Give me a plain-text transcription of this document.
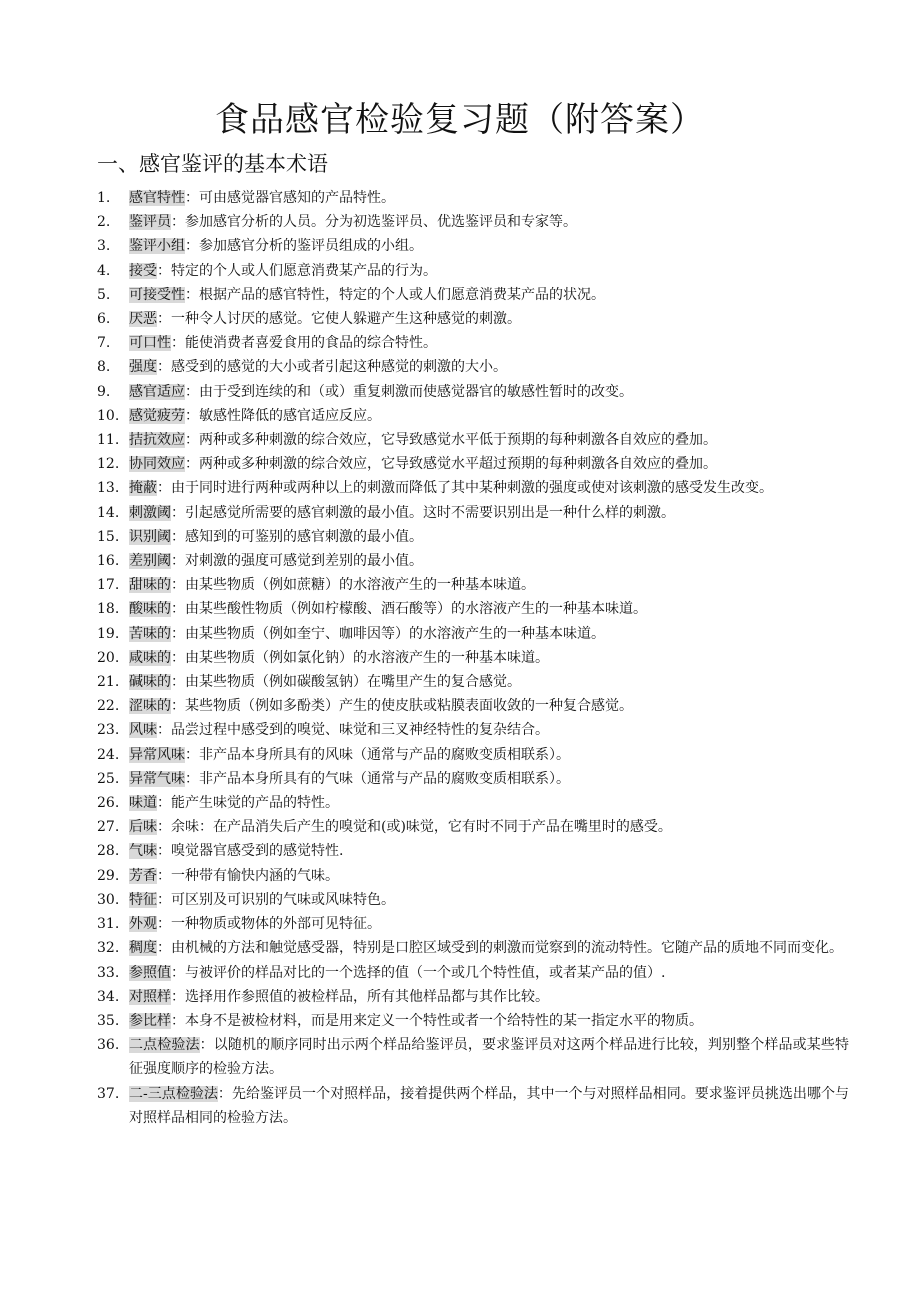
食品感官检验复习题（附答案）
一、感官鉴评的基本术语
1.	感官特性：可由感觉器官感知的产品特性。
2.	鉴评员：参加感官分析的人员。分为初选鉴评员、优选鉴评员和专家等。
3.	鉴评小组：参加感官分析的鉴评员组成的小组。
4.	接受：特定的个人或人们愿意消费某产品的行为。
5.	可接受性：根据产品的感官特性，特定的个人或人们愿意消费某产品的状况。
6.	厌恶：一种令人讨厌的感觉。它使人躲避产生这种感觉的刺激。
7.	可口性：能使消费者喜爱食用的食品的综合特性。
8.	强度：感受到的感觉的大小或者引起这种感觉的刺激的大小。
9.	感官适应：由于受到连续的和（或）重复刺激而使感觉器官的敏感性暂时的改变。
10. 感觉疲劳：敏感性降低的感官适应反应。
11. 拮抗效应：两种或多种刺激的综合效应，它导致感觉水平低于预期的每种刺激各自效应的叠加。
12. 协同效应：两种或多种刺激的综合效应，它导致感觉水平超过预期的每种刺激各自效应的叠加。
13. 掩蔽：由于同时进行两种或两种以上的刺激而降低了其中某种刺激的强度或使对该刺激的感受发生改变。
14. 刺激阈：引起感觉所需要的感官刺激的最小值。这时不需要识别出是一种什么样的刺激。
15. 识别阈：感知到的可鉴别的感官刺激的最小值。
16. 差别阈：对刺激的强度可感觉到差别的最小值。
17. 甜味的：由某些物质（例如蔗糖）的水溶液产生的一种基本味道。
18. 酸味的：由某些酸性物质（例如柠檬酸、酒石酸等）的水溶液产生的一种基本味道。
19. 苦味的：由某些物质（例如奎宁、咖啡因等）的水溶液产生的一种基本味道。
20. 咸味的：由某些物质（例如氯化钠）的水溶液产生的一种基本味道。
21. 碱味的：由某些物质（例如碳酸氢钠）在嘴里产生的复合感觉。
22. 涩味的：某些物质（例如多酚类）产生的使皮肤或粘膜表面收敛的一种复合感觉。
23. 风味：品尝过程中感受到的嗅觉、味觉和三叉神经特性的复杂结合。
24. 异常风味：非产品本身所具有的风味（通常与产品的腐败变质相联系）。
25. 异常气味：非产品本身所具有的气味（通常与产品的腐败变质相联系）。
26. 味道：能产生味觉的产品的特性。
27. 后味：余味：在产品消失后产生的嗅觉和(或)味觉，它有时不同于产品在嘴里时的感受。
28. 气味：嗅觉器官感受到的感觉特性.
29. 芳香：一种带有愉快内涵的气味。
30. 特征：可区别及可识别的气味或风味特色。
31. 外观：一种物质或物体的外部可见特征。
32. 稠度：由机械的方法和触觉感受器，特别是口腔区域受到的刺激而觉察到的流动特性。它随产品的质地不同而变化。
33. 参照值：与被评价的样品对比的一个选择的值（一个或几个特性值，或者某产品的值）.
34. 对照样：选择用作参照值的被检样品，所有其他样品都与其作比较。
35. 参比样：本身不是被检材料，而是用来定义一个特性或者一个给特性的某一指定水平的物质。
36. 二点检验法：以随机的顺序同时出示两个样品给鉴评员，要求鉴评员对这两个样品进行比较，判别整个样品或某些特征强度顺序的检验方法。
37. 二-三点检验法：先给鉴评员一个对照样品，接着提供两个样品，其中一个与对照样品相同。要求鉴评员挑选出哪个与对照样品相同的检验方法。
